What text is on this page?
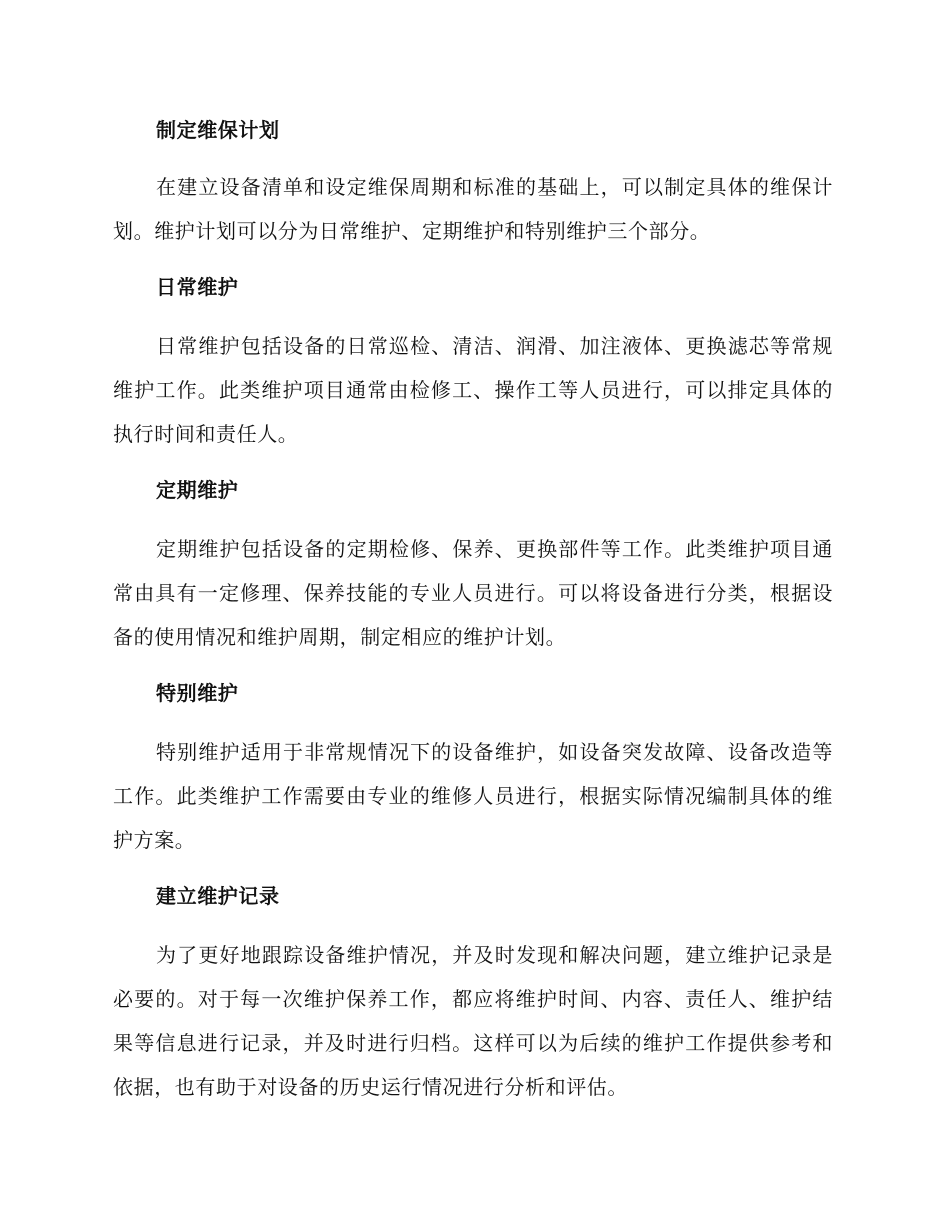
制定维保计划

在建立设备清单和设定维保周期和标准的基础上，可以制定具体的维保计划。维护计划可以分为日常维护、定期维护和特别维护三个部分。

日常维护

日常维护包括设备的日常巡检、清洁、润滑、加注液体、更换滤芯等常规维护工作。此类维护项目通常由检修工、操作工等人员进行，可以排定具体的执行时间和责任人。

定期维护

定期维护包括设备的定期检修、保养、更换部件等工作。此类维护项目通常由具有一定修理、保养技能的专业人员进行。可以将设备进行分类，根据设备的使用情况和维护周期，制定相应的维护计划。

特别维护

特别维护适用于非常规情况下的设备维护，如设备突发故障、设备改造等工作。此类维护工作需要由专业的维修人员进行，根据实际情况编制具体的维护方案。

建立维护记录

为了更好地跟踪设备维护情况，并及时发现和解决问题，建立维护记录是必要的。对于每一次维护保养工作，都应将维护时间、内容、责任人、维护结果等信息进行记录，并及时进行归档。这样可以为后续的维护工作提供参考和依据，也有助于对设备的历史运行情况进行分析和评估。
